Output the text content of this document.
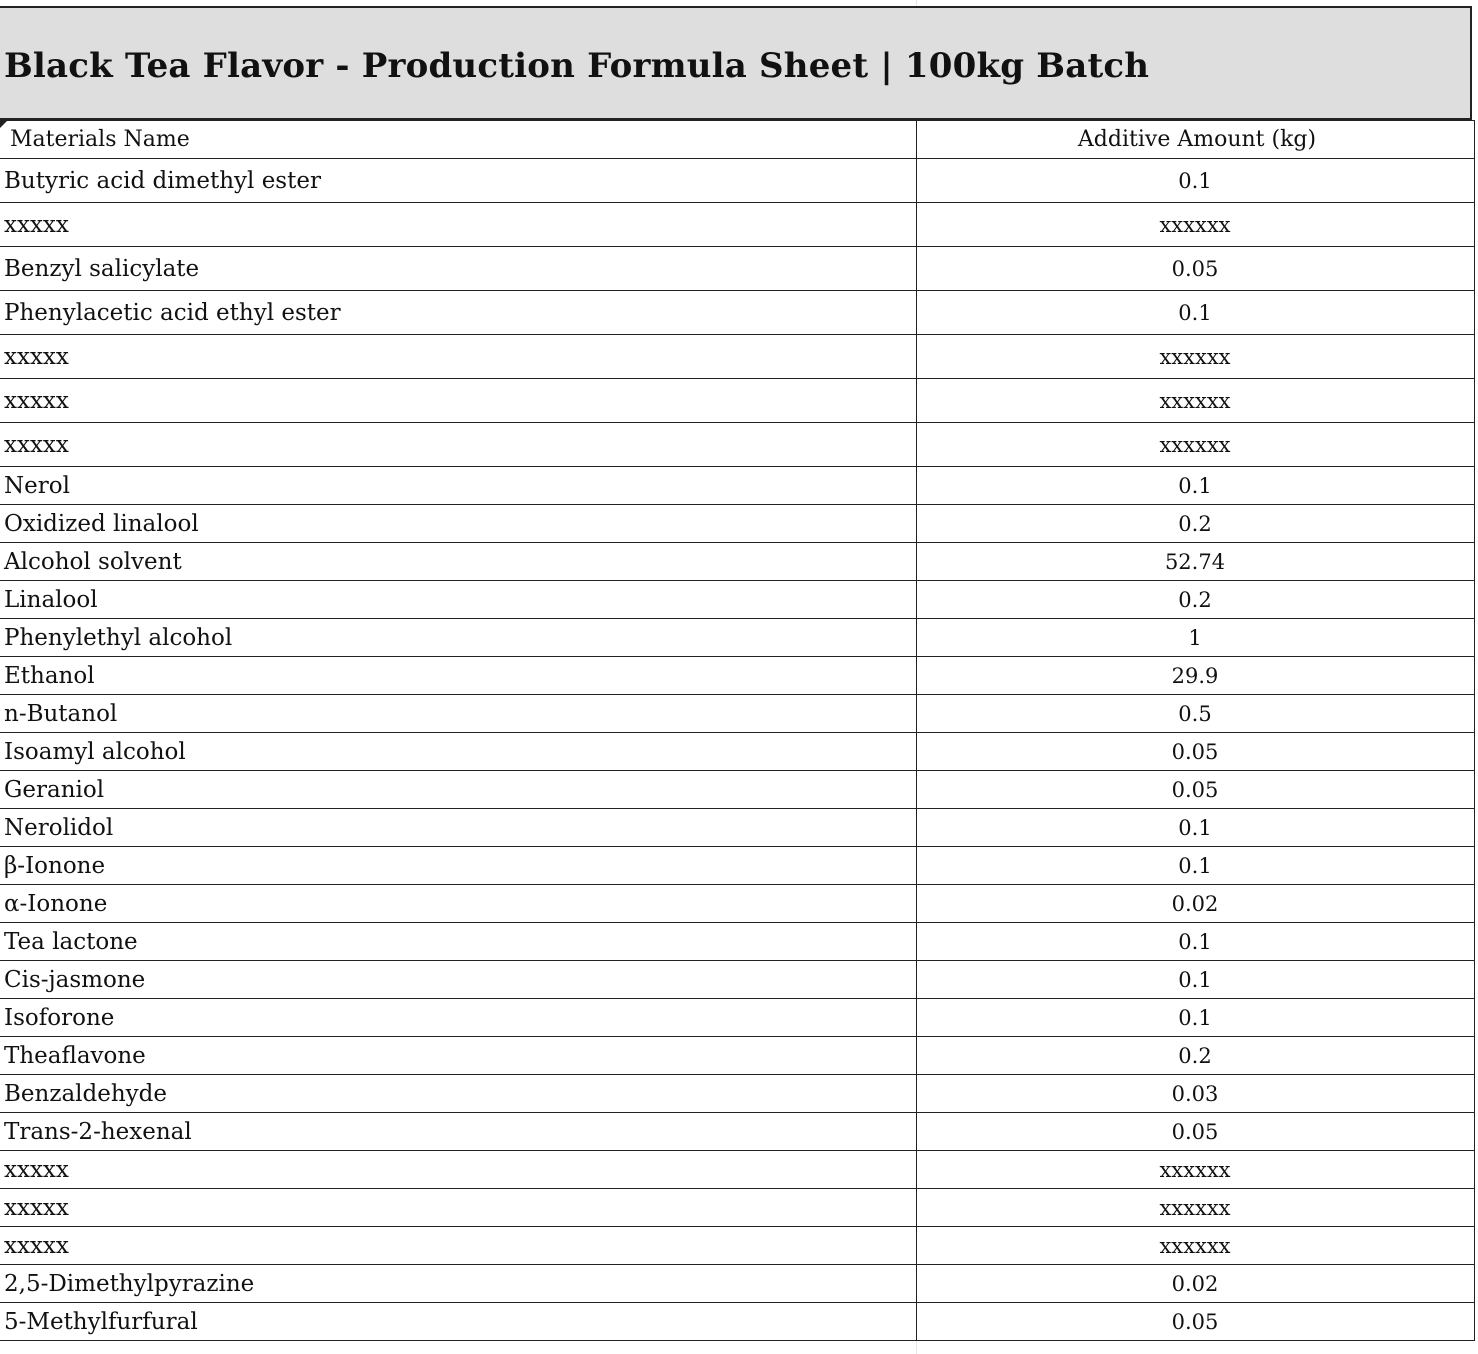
Black Tea Flavor - Production Formula Sheet | 100kg Batch
Materials Name	Additive Amount (kg)
Butyric acid dimethyl ester	0.1
xxxxx	xxxxxx
Benzyl salicylate	0.05
Phenylacetic acid ethyl ester	0.1
xxxxx	xxxxxx
xxxxx	xxxxxx
xxxxx	xxxxxx
Nerol	0.1
Oxidized linalool	0.2
Alcohol solvent	52.74
Linalool	0.2
Phenylethyl alcohol	1
Ethanol	29.9
n-Butanol	0.5
Isoamyl alcohol	0.05
Geraniol	0.05
Nerolidol	0.1
β-Ionone	0.1
α-Ionone	0.02
Tea lactone	0.1
Cis-jasmone	0.1
Isoforone	0.1
Theaflavone	0.2
Benzaldehyde	0.03
Trans-2-hexenal	0.05
xxxxx	xxxxxx
xxxxx	xxxxxx
xxxxx	xxxxxx
2,5-Dimethylpyrazine	0.02
5-Methylfurfural	0.05
